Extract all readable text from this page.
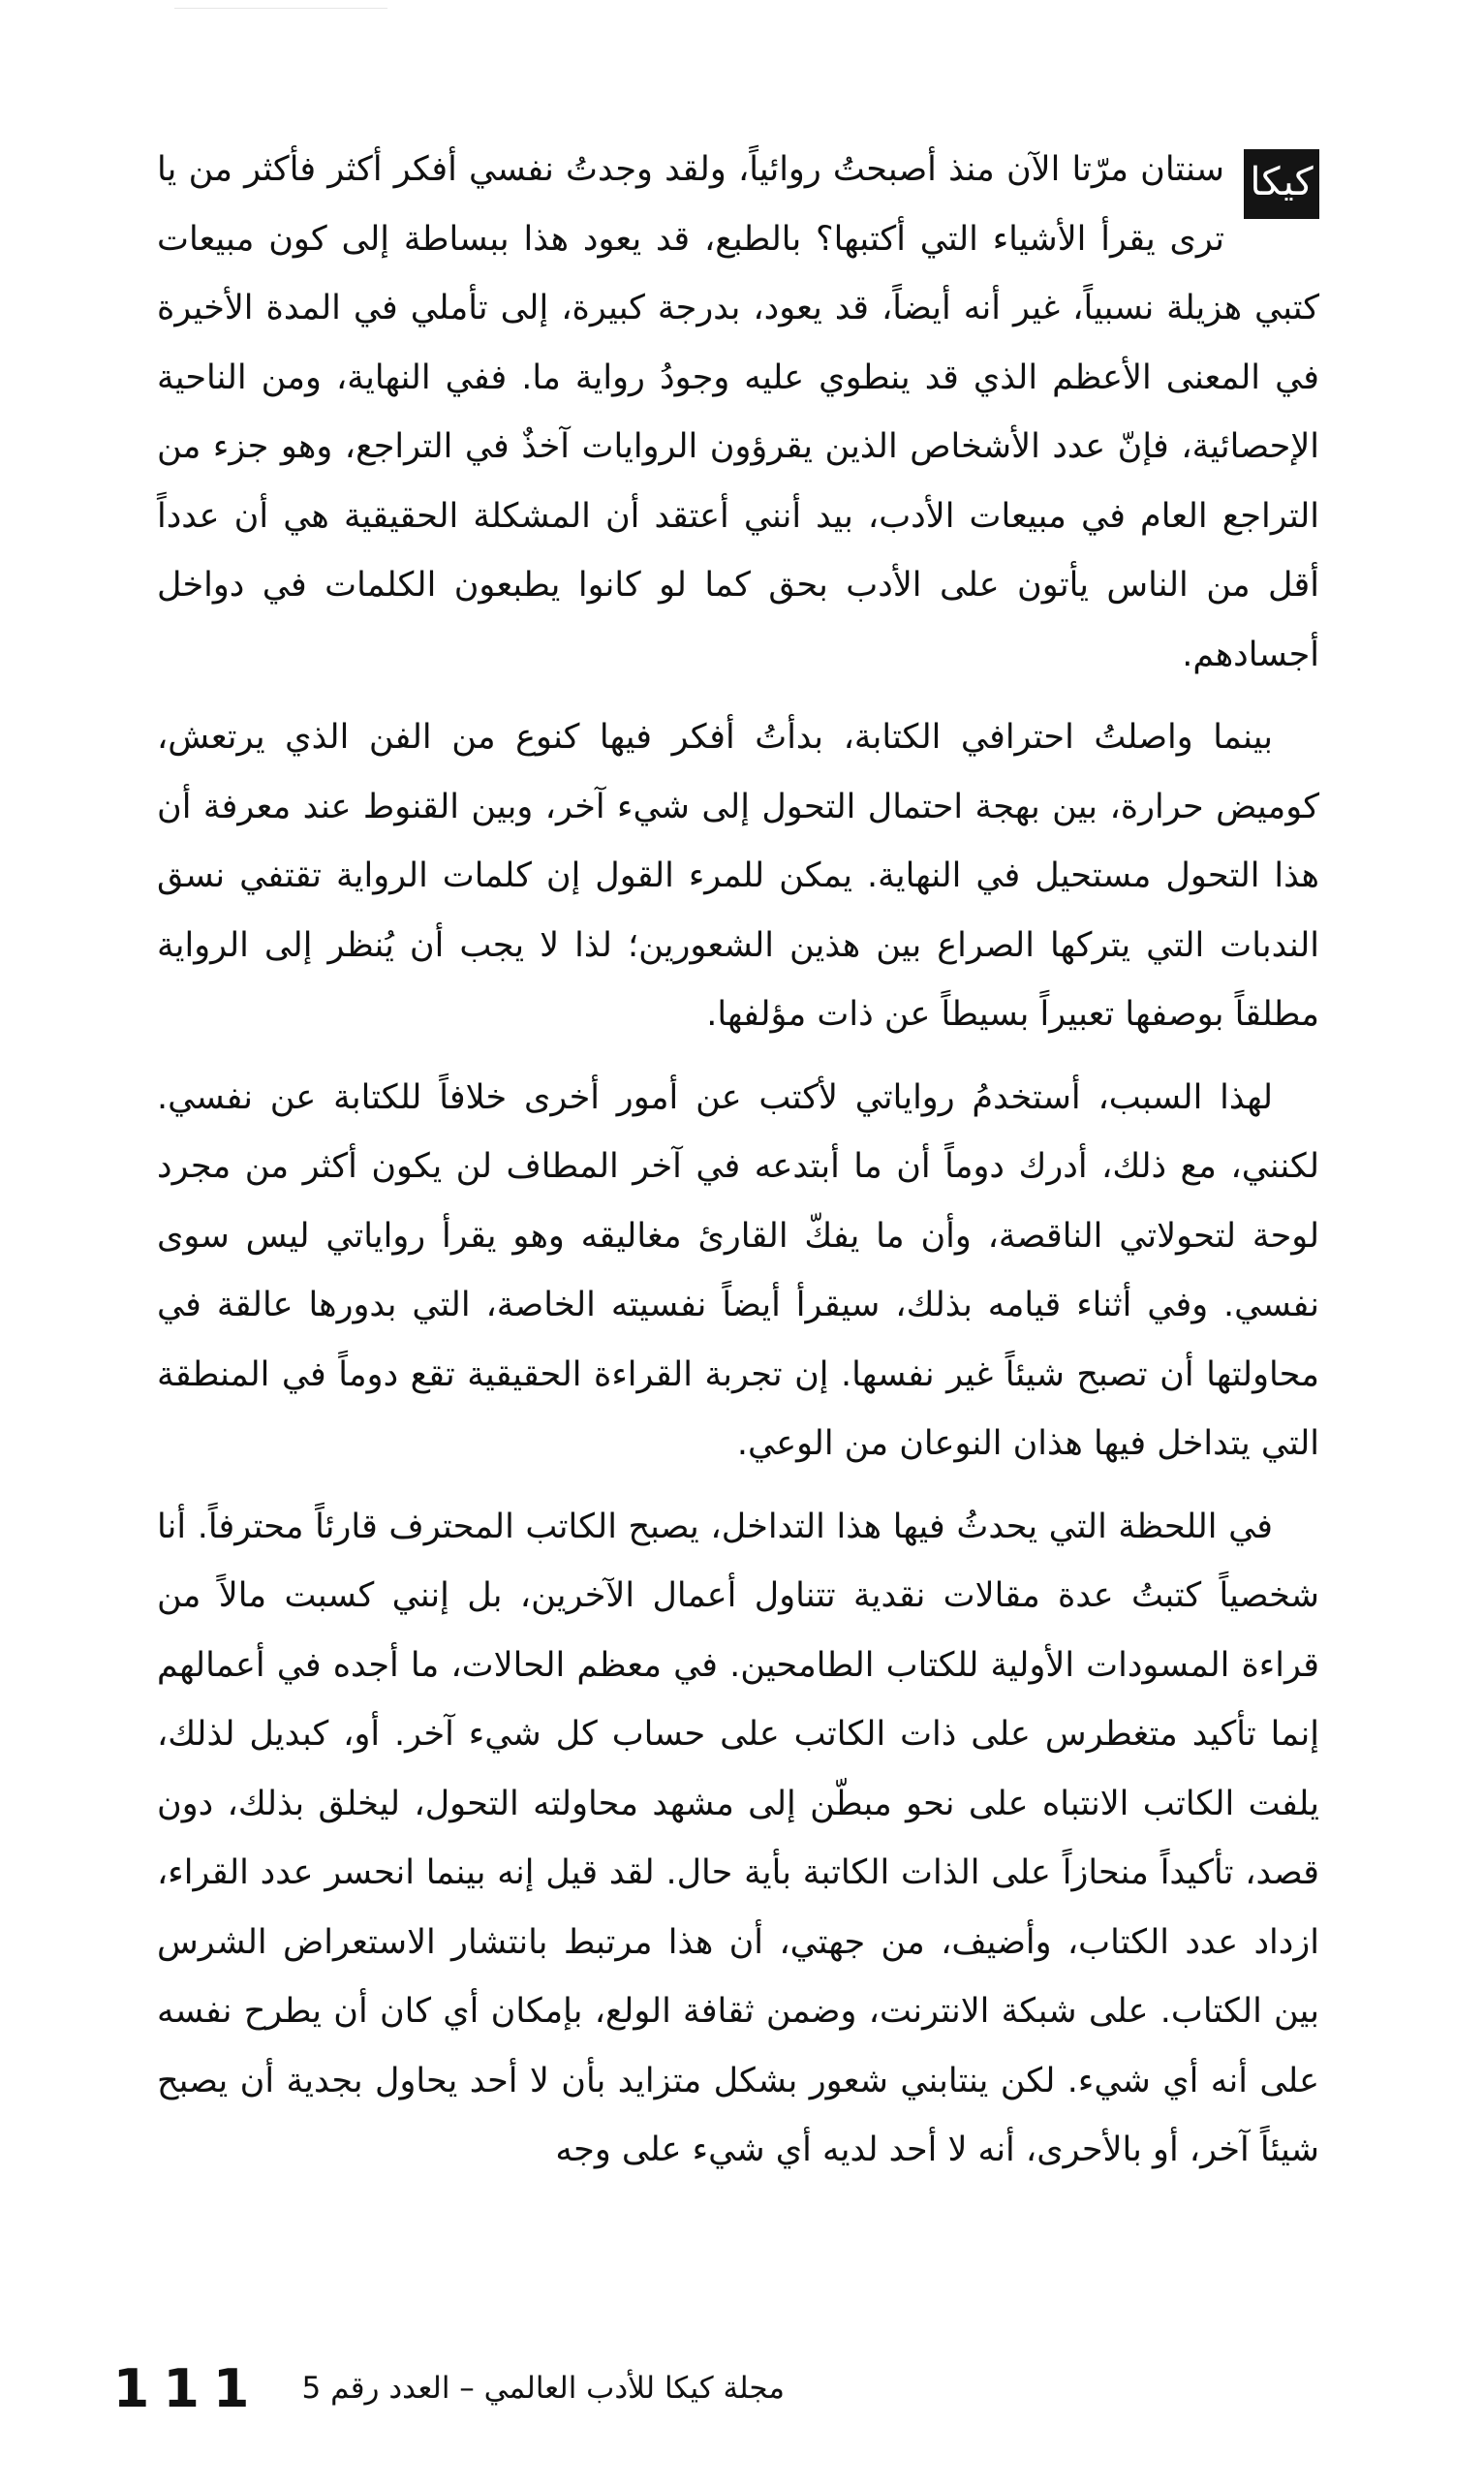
كيكا

سنتان مرّتا الآن منذ أصبحتُ روائياً، ولقد وجدتُ نفسي أفكر أكثر فأكثر من يا ترى يقرأ الأشياء التي أكتبها؟ بالطبع، قد يعود هذا ببساطة إلى كون مبيعات كتبي هزيلة نسبياً، غير أنه أيضاً، قد يعود، بدرجة كبيرة، إلى تأملي في المدة الأخيرة في المعنى الأعظم الذي قد ينطوي عليه وجودُ رواية ما. ففي النهاية، ومن الناحية الإحصائية، فإنّ عدد الأشخاص الذين يقرؤون الروايات آخذٌ في التراجع، وهو جزء من التراجع العام في مبيعات الأدب، بيد أنني أعتقد أن المشكلة الحقيقية هي أن عدداً أقل من الناس يأتون على الأدب بحق كما لو كانوا يطبعون الكلمات في دواخل أجسادهم.

بينما واصلتُ احترافي الكتابة، بدأتُ أفكر فيها كنوع من الفن الذي يرتعش، كوميض حرارة، بين بهجة احتمال التحول إلى شيء آخر، وبين القنوط عند معرفة أن هذا التحول مستحيل في النهاية. يمكن للمرء القول إن كلمات الرواية تقتفي نسق الندبات التي يتركها الصراع بين هذين الشعورين؛ لذا لا يجب أن يُنظر إلى الرواية مطلقاً بوصفها تعبيراً بسيطاً عن ذات مؤلفها.

لهذا السبب، أستخدمُ رواياتي لأكتب عن أمور أخرى خلافاً للكتابة عن نفسي. لكنني، مع ذلك، أدرك دوماً أن ما أبتدعه في آخر المطاف لن يكون أكثر من مجرد لوحة لتحولاتي الناقصة، وأن ما يفكّ القارئ مغاليقه وهو يقرأ رواياتي ليس سوى نفسي. وفي أثناء قيامه بذلك، سيقرأ أيضاً نفسيته الخاصة، التي بدورها عالقة في محاولتها أن تصبح شيئاً غير نفسها. إن تجربة القراءة الحقيقية تقع دوماً في المنطقة التي يتداخل فيها هذان النوعان من الوعي.

في اللحظة التي يحدثُ فيها هذا التداخل، يصبح الكاتب المحترف قارئاً محترفاً. أنا شخصياً كتبتُ عدة مقالات نقدية تتناول أعمال الآخرين، بل إنني كسبت مالاً من قراءة المسودات الأولية للكتاب الطامحين. في معظم الحالات، ما أجده في أعمالهم إنما تأكيد متغطرس على ذات الكاتب على حساب كل شيء آخر. أو، كبديل لذلك، يلفت الكاتب الانتباه على نحو مبطّن إلى مشهد محاولته التحول، ليخلق بذلك، دون قصد، تأكيداً منحازاً على الذات الكاتبة بأية حال. لقد قيل إنه بينما انحسر عدد القراء، ازداد عدد الكتاب، وأضيف، من جهتي، أن هذا مرتبط بانتشار الاستعراض الشرس بين الكتاب. على شبكة الانترنت، وضمن ثقافة الولع، بإمكان أي كان أن يطرح نفسه على أنه أي شيء. لكن ينتابني شعور بشكل متزايد بأن لا أحد يحاول بجدية أن يصبح شيئاً آخر، أو بالأحرى، أنه لا أحد لديه أي شيء على وجه

مجلة كيكا للأدب العالمي – العدد رقم 5
111
